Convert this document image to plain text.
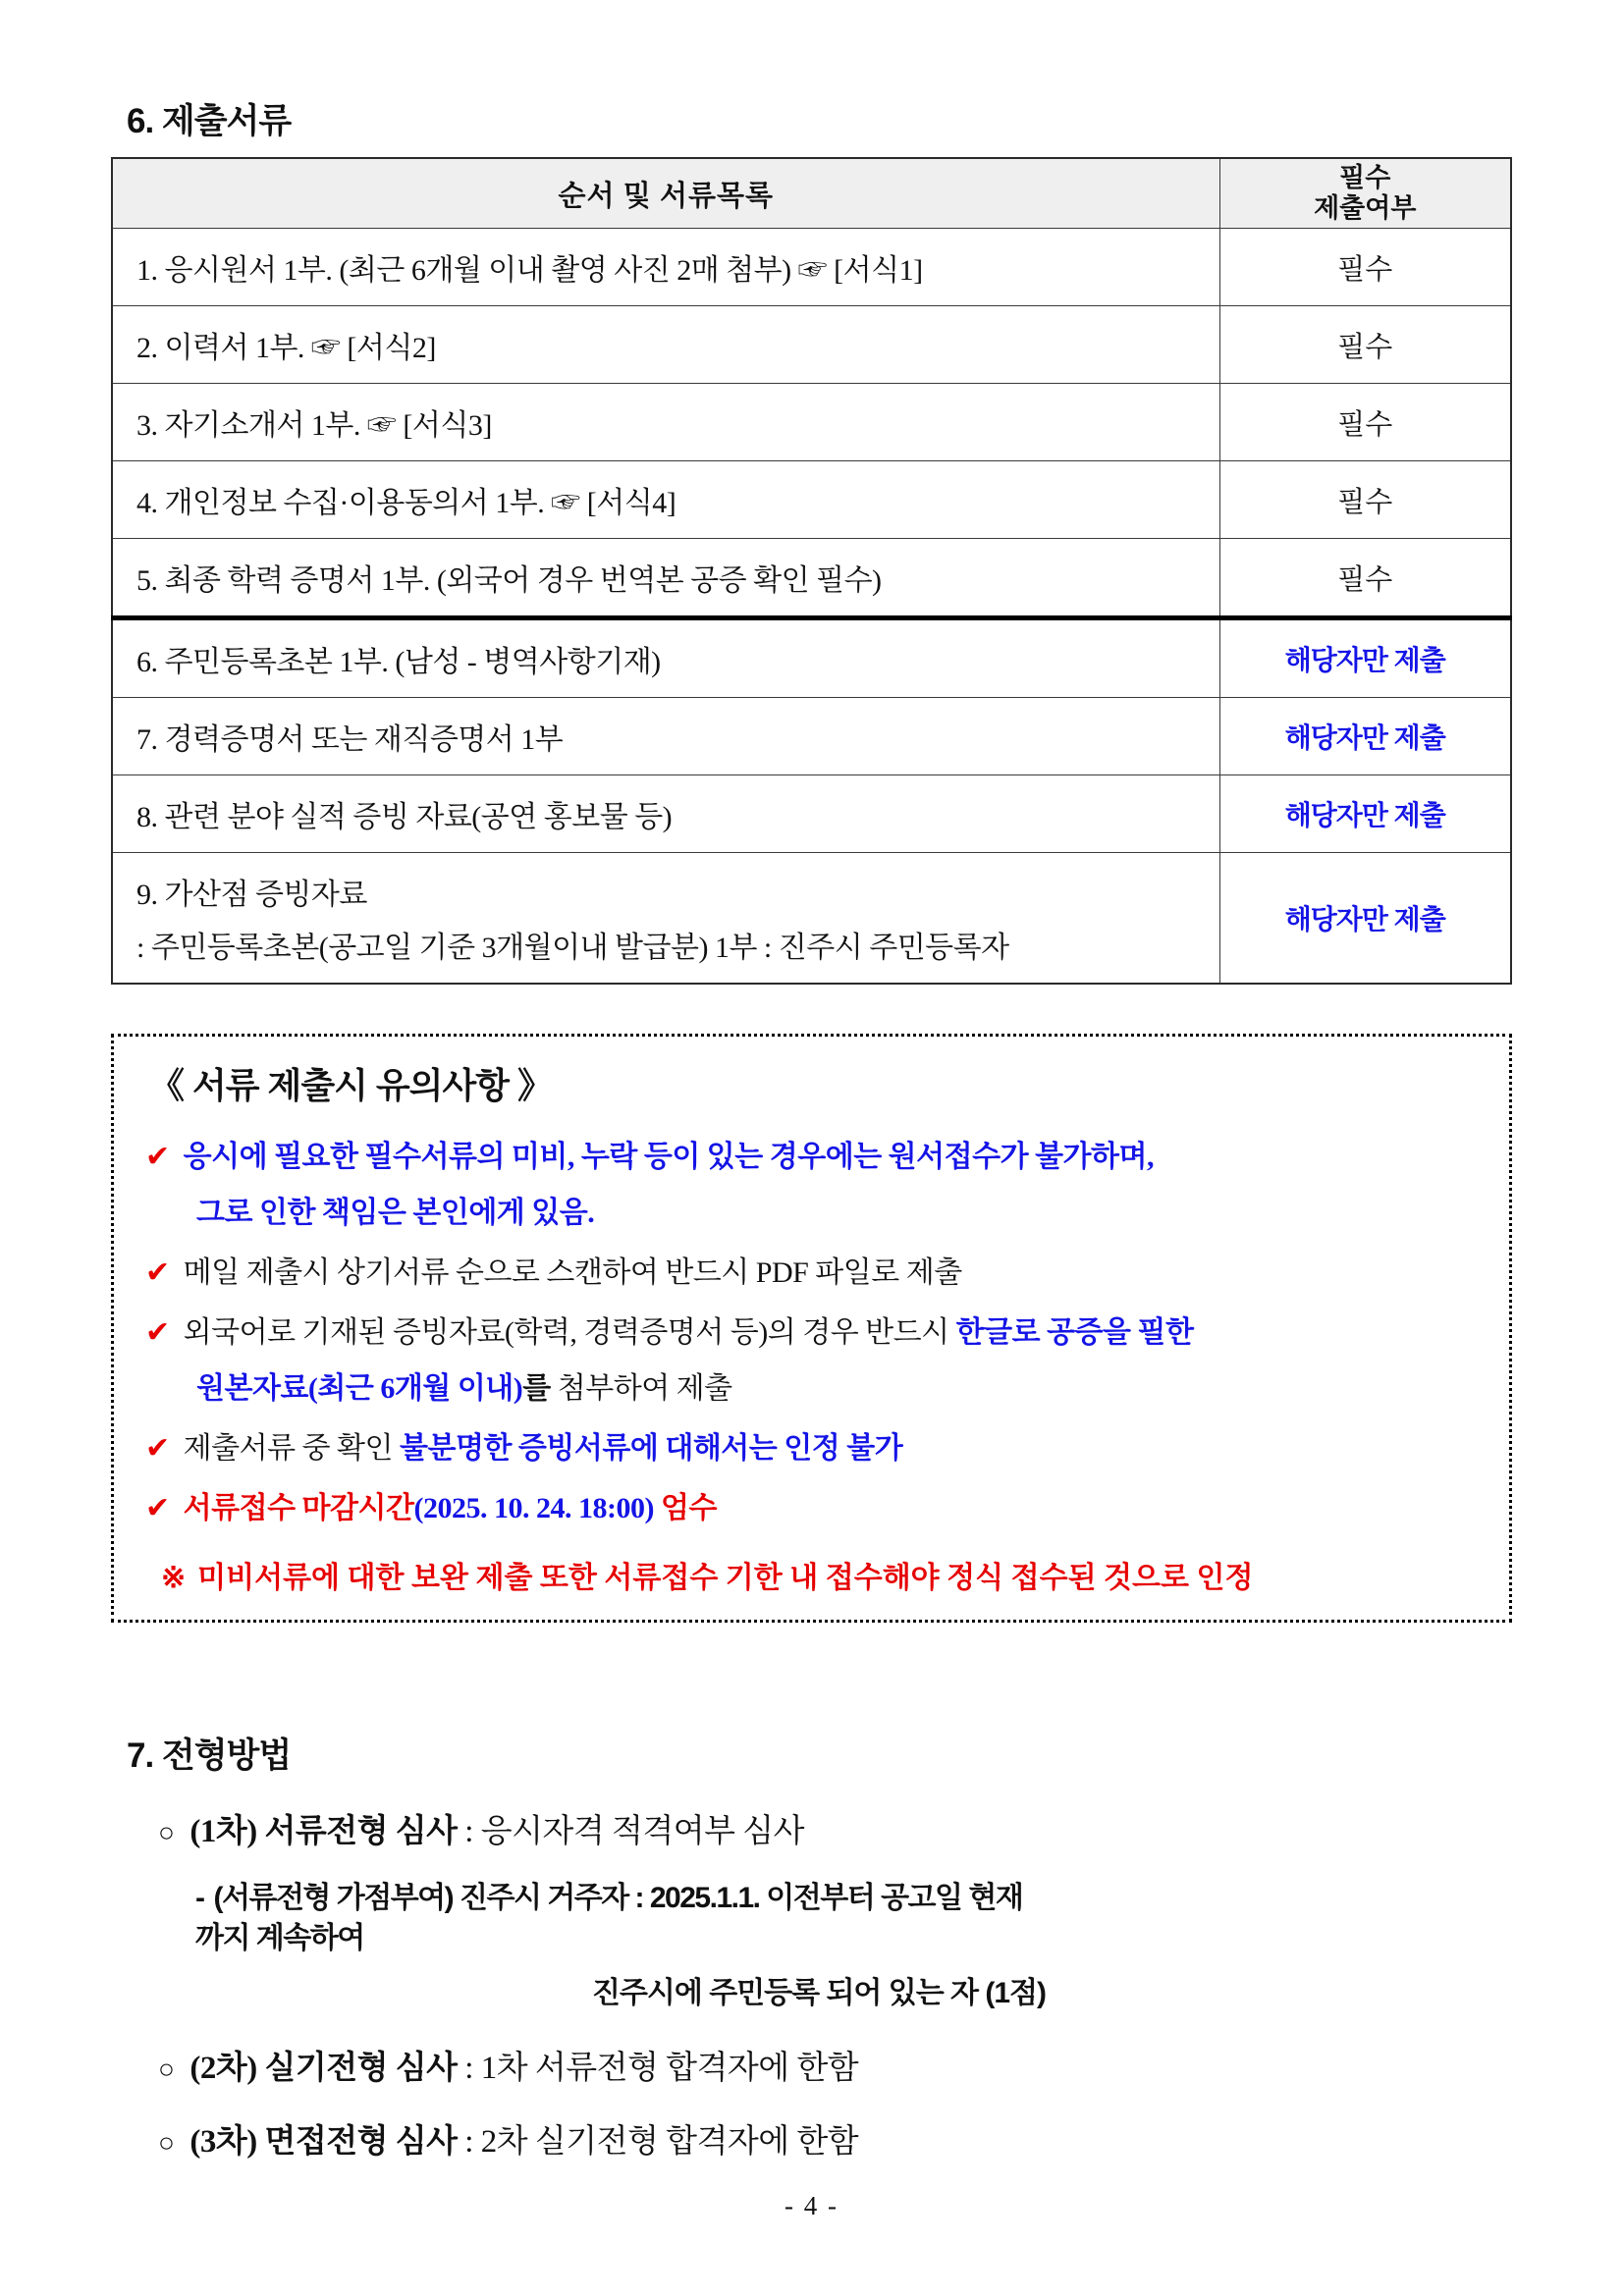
6. 제출서류
순서 및 서류목록	필수
제출여부

1. 응시원서 1부. (최근 6개월 이내 촬영 사진 2매 첨부) ☞ [서식1]	필수
2. 이력서 1부. ☞ [서식2]	필수
3. 자기소개서 1부. ☞ [서식3]	필수
4. 개인정보 수집·이용동의서 1부. ☞ [서식4]	필수
5. 최종 학력 증명서 1부. (외국어 경우 번역본 공증 확인 필수)	필수
6. 주민등록초본 1부. (남성 - 병역사항기재)	해당자만 제출
7. 경력증명서 또는 재직증명서 1부	해당자만 제출
8. 관련 분야 실적 증빙 자료(공연 홍보물 등)	해당자만 제출

9. 가산점 증빙자료
: 주민등록초본(공고일 기준 3개월이내 발급분) 1부 : 진주시 주민등록자	해당자만 제출
《 서류 제출시 유의사항 》
✔ 응시에 필요한 필수서류의 미비, 누락 등이 있는 경우에는 원서접수가 불가하며,
그로 인한 책임은 본인에게 있음.
✔ 메일 제출시 상기서류 순으로 스캔하여 반드시 PDF 파일로 제출
✔ 외국어로 기재된 증빙자료(학력, 경력증명서 등)의 경우 반드시 한글로 공증을 필한
원본자료(최근 6개월 이내)를 첨부하여 제출
✔ 제출서류 중 확인 불분명한 증빙서류에 대해서는 인정 불가
✔ 서류접수 마감시간(2025. 10. 24. 18:00) 엄수
※ 미비서류에 대한 보완 제출 또한 서류접수 기한 내 접수해야 정식 접수된 것으로 인정
7. 전형방법
○ (1차) 서류전형 심사 : 응시자격 적격여부 심사
- (서류전형 가점부여) 진주시 거주자 : 2025.1.1. 이전부터 공고일 현재까지 계속하여
진주시에 주민등록 되어 있는 자 (1점)
○ (2차) 실기전형 심사 : 1차 서류전형 합격자에 한함
○ (3차) 면접전형 심사 : 2차 실기전형 합격자에 한함
- 4 -
